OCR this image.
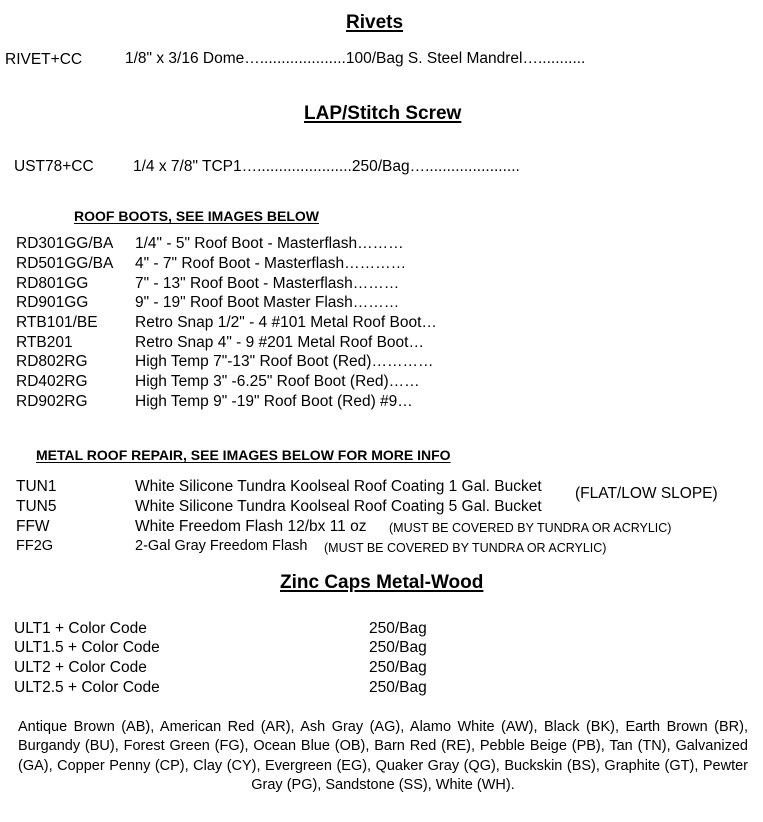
Rivets
RIVET+CC	1/8" x 3/16 Dome…....................100/Bag S. Steel Mandrel…...........
LAP/Stitch Screw
UST78+CC	1/4 x 7/8" TCP1…......................250/Bag…......................
ROOF BOOTS, SEE IMAGES BELOW
RD301GG/BA 1/4" - 5" Roof Boot - Masterflash………
RD501GG/BA 4" - 7" Roof Boot - Masterflash…………
RD801GG	7" - 13" Roof Boot - Masterflash………
RD901GG	9" - 19" Roof Boot Master Flash………
RTB101/BE Retro Snap 1/2" - 4 #101 Metal Roof Boot…
RTB201	Retro Snap 4" - 9 #201 Metal Roof Boot…
RD802RG	High Temp 7"-13" Roof Boot (Red)…………
RD402RG	High Temp 3" -6.25" Roof Boot (Red)……
RD902RG	High Temp 9" -19" Roof Boot (Red) #9…
METAL ROOF REPAIR, SEE IMAGES BELOW FOR MORE INFO
TUN1	White Silicone Tundra Koolseal Roof Coating 1 Gal. Bucket
TUN5	White Silicone Tundra Koolseal Roof Coating 5 Gal. Bucket
(FLAT/LOW SLOPE)
FFW	White Freedom Flash 12/bx 11 oz (MUST BE COVERED BY TUNDRA OR ACRYLIC)
FF2G	2-Gal Gray Freedom Flash (MUST BE COVERED BY TUNDRA OR ACRYLIC)
Zinc Caps Metal-Wood
ULT1 + Color Code	250/Bag
ULT1.5 + Color Code	250/Bag
ULT2 + Color Code	250/Bag
ULT2.5 + Color Code	250/Bag
Antique Brown (AB), American Red (AR), Ash Gray (AG), Alamo White (AW), Black (BK), Earth Brown (BR), Burgandy (BU), Forest Green (FG), Ocean Blue (OB), Barn Red (RE), Pebble Beige (PB), Tan (TN), Galvanized (GA), Copper Penny (CP), Clay (CY), Evergreen (EG), Quaker Gray (QG), Buckskin (BS), Graphite (GT), Pewter Gray (PG), Sandstone (SS), White (WH).
